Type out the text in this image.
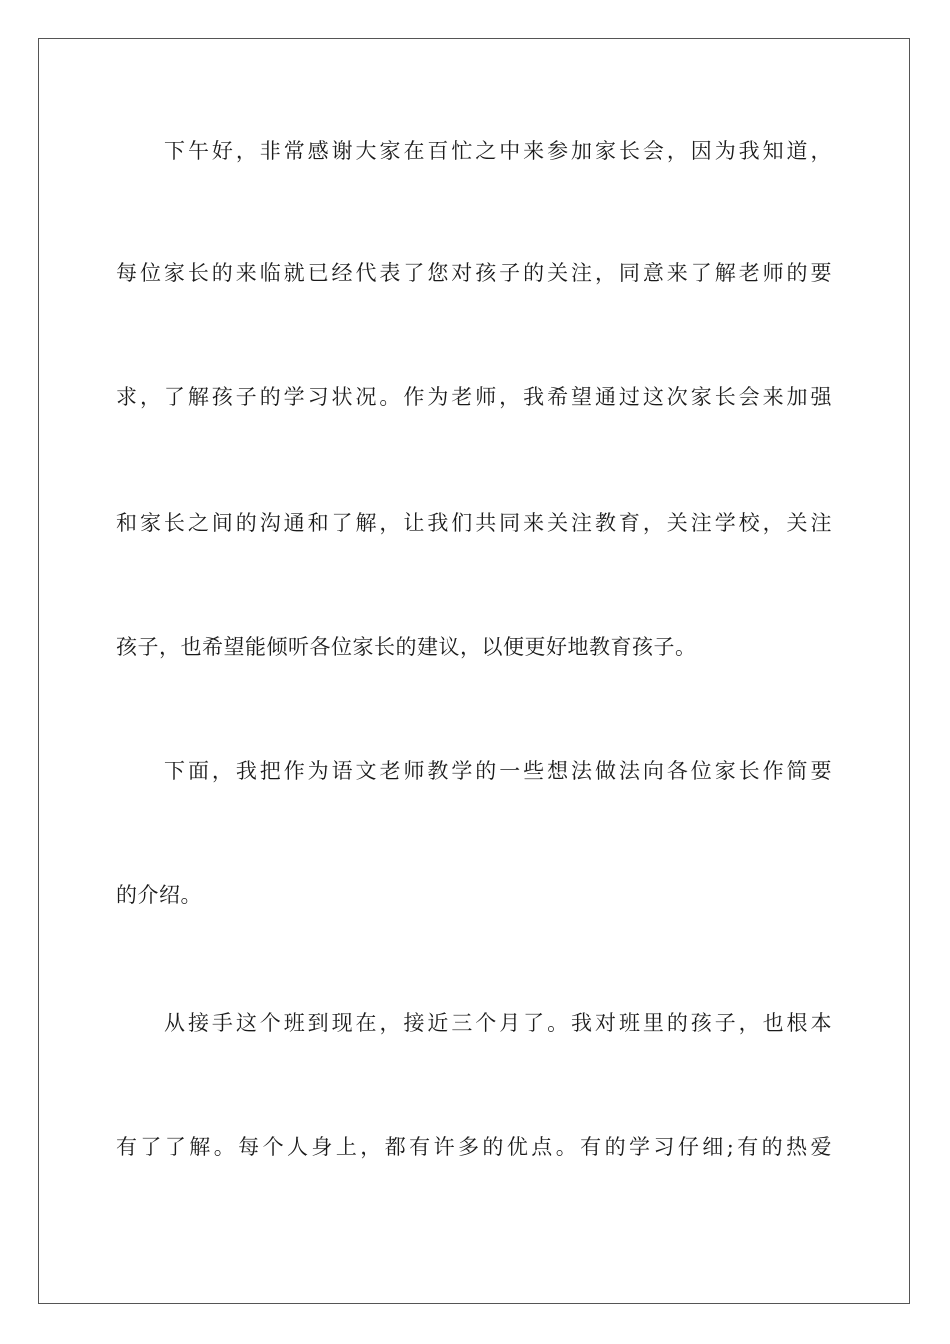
下午好，非常感谢大家在百忙之中来参加家长会，因为我知道，
每位家长的来临就已经代表了您对孩子的关注，同意来了解老师的要
求，了解孩子的学习状况。作为老师，我希望通过这次家长会来加强
和家长之间的沟通和了解，让我们共同来关注教育，关注学校，关注
孩子，也希望能倾听各位家长的建议，以便更好地教育孩子。
下面，我把作为语文老师教学的一些想法做法向各位家长作简要
的介绍。
从接手这个班到现在，接近三个月了。我对班里的孩子，也根本
有了了解。每个人身上，都有许多的优点。有的学习仔细;有的热爱
